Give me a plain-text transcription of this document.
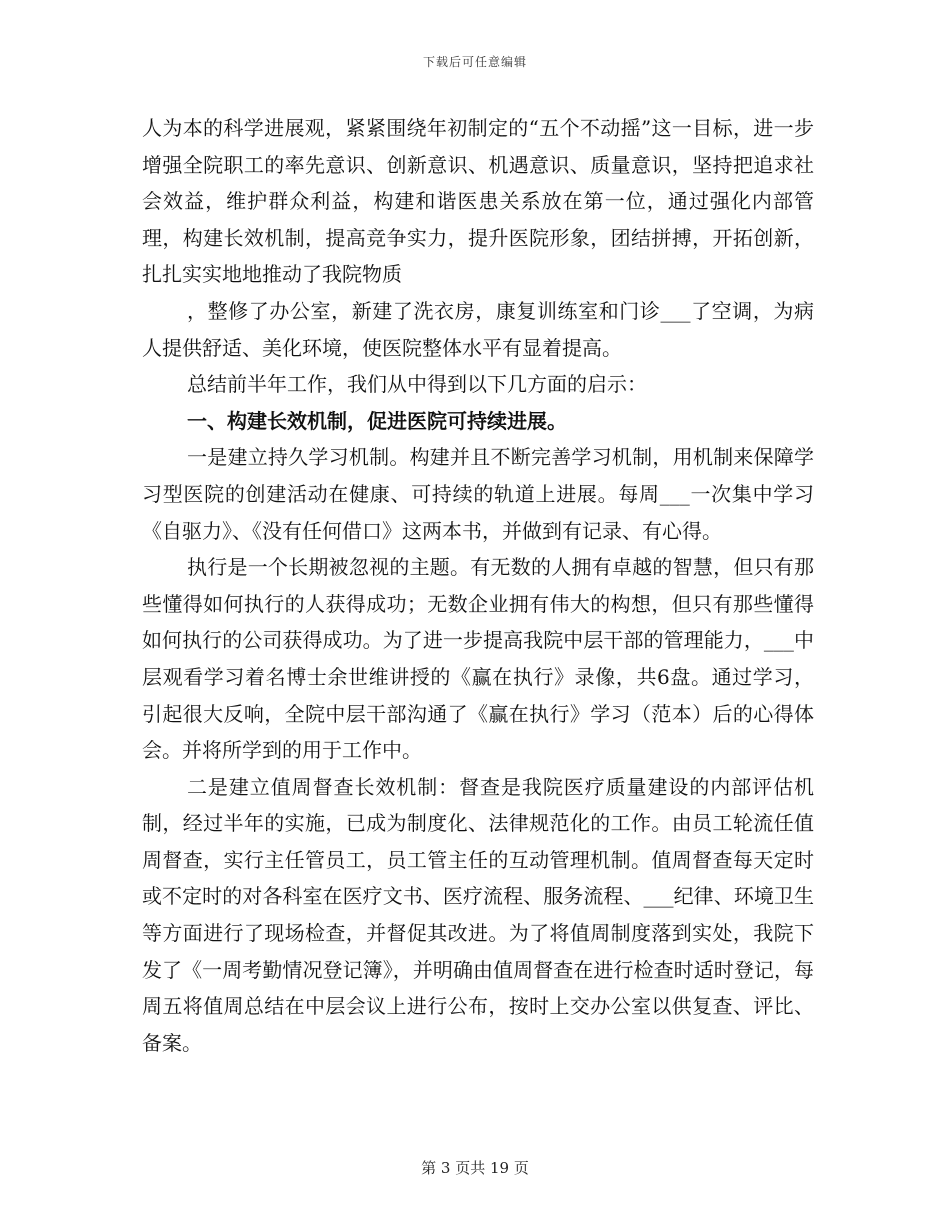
下载后可任意编辑

人为本的科学进展观，紧紧围绕年初制定的“五个不动摇”这一目标，进一步增强全院职工的率先意识、创新意识、机遇意识、质量意识，坚持把追求社会效益，维护群众利益，构建和谐医患关系放在第一位，通过强化内部管理，构建长效机制，提高竞争实力，提升医院形象，团结拼搏，开拓创新，扎扎实实地地推动了我院物质

，整修了办公室，新建了洗衣房，康复训练室和门诊___了空调，为病人提供舒适、美化环境，使医院整体水平有显着提高。

总结前半年工作，我们从中得到以下几方面的启示：

一、构建长效机制，促进医院可持续进展。

一是建立持久学习机制。构建并且不断完善学习机制，用机制来保障学习型医院的创建活动在健康、可持续的轨道上进展。每周___一次集中学习《自驱力》、《没有任何借口》这两本书，并做到有记录、有心得。

执行是一个长期被忽视的主题。有无数的人拥有卓越的智慧，但只有那些懂得如何执行的人获得成功；无数企业拥有伟大的构想，但只有那些懂得如何执行的公司获得成功。为了进一步提高我院中层干部的管理能力，___中层观看学习着名博士余世维讲授的《赢在执行》录像，共6盘。通过学习，引起很大反响，全院中层干部沟通了《赢在执行》学习（范本）后的心得体会。并将所学到的用于工作中。

二是建立值周督查长效机制：督查是我院医疗质量建设的内部评估机制，经过半年的实施，已成为制度化、法律规范化的工作。由员工轮流任值周督查，实行主任管员工，员工管主任的互动管理机制。值周督查每天定时或不定时的对各科室在医疗文书、医疗流程、服务流程、___纪律、环境卫生等方面进行了现场检查，并督促其改进。为了将值周制度落到实处，我院下发了《一周考勤情况登记簿》，并明确由值周督查在进行检查时适时登记，每周五将值周总结在中层会议上进行公布，按时上交办公室以供复查、评比、备案。

第 3 页共 19 页
